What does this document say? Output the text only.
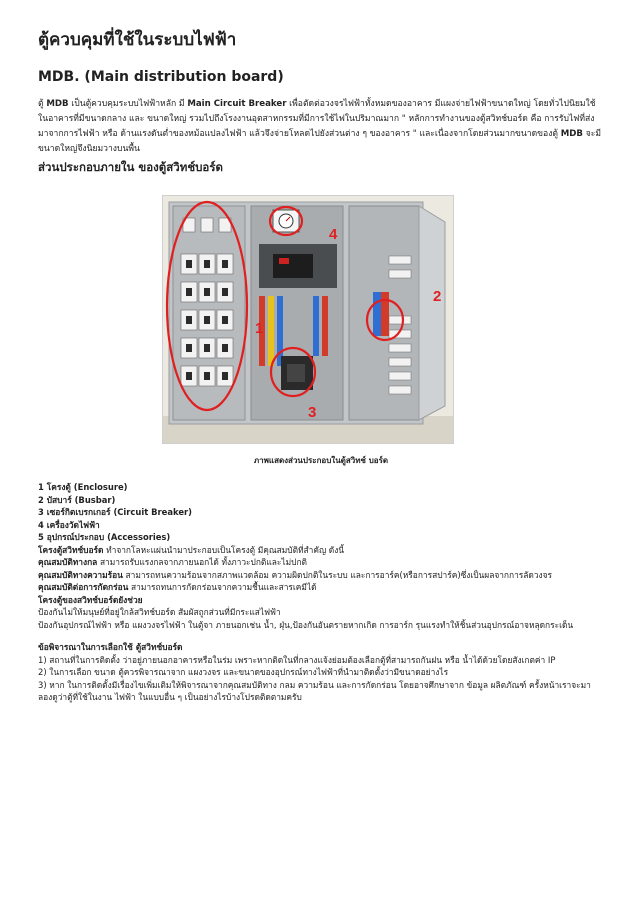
ตู้ควบคุมที่ใช้ในระบบไฟฟ้า
MDB. (Main distribution board)

ตู้ MDB เป็นตู้ควบคุมระบบไฟฟ้าหลัก มี Main Circuit Breaker เพื่อตัดต่อวงจรไฟฟ้าทั้งหมดของอาคาร มีแผงจ่ายไฟฟ้าขนาดใหญ่ โดยทั่วไปนิยมใช้ในอาคารที่มีขนาดกลาง และ ขนาดใหญ่ รวมไปถึงโรงงานอุตสาหกรรมที่มีการใช้ไฟในปริมาณมาก " หลักการทำงานของตู้สวิทช์บอร์ด คือ การรับไฟที่ส่งมาจากการไฟฟ้า หรือ ด้านแรงดันต่ำของหม้อแปลงไฟฟ้า แล้วจึงจ่ายโหลดไปยังส่วนต่าง ๆ ของอาคาร " และเนื่องจากโดยส่วนมากขนาดของตู้ MDB จะมีขนาดใหญ่จึงนิยมวางบนพื้น

ส่วนประกอบภายใน ของตู้สวิทช์บอร์ด
1
2
3
4
ภาพแสดงส่วนประกอบในตู้สวิทช์ บอร์ด

1 โครงตู้ (Enclosure)

2 บัสบาร์ (Busbar)

3 เซอร์กิตเบรกเกอร์ (Circuit Breaker)

4 เครื่องวัดไฟฟ้า

5 อุปกรณ์ประกอบ (Accessories)

โครงตู้สวิทช์บอร์ด ทำจากโลหะแผ่นนำมาประกอบเป็นโครงตู้ มีคุณสมบัติที่สำคัญ ดังนี้

คุณสมบัติทางกล สามารถรับแรงกลจากภายนอกได้ ทั้งภาวะปกติและไม่ปกติ

คุณสมบัติทางความร้อน สามารถทนความร้อนจากสภาพแวดล้อม ความผิดปกติในระบบ และการอาร์ค(หรือการสปาร์ค)ซึ่งเป็นผลจากการลัดวงจร

คุณสมบัติต่อการกัดกร่อน สามารถทนการกัดกร่อนจากความชื้นและสารเคมีได้

โครงตู้ของสวิทช์บอร์ดยังช่วย

ป้องกันไม่ให้มนุษย์ที่อยู่ใกล้สวิทช์บอร์ด สัมผัสถูกส่วนที่มีกระแสไฟฟ้า

ป้องกันอุปกรณ์ไฟฟ้า หรือ แผงวงจรไฟฟ้า ในตู้จา ภายนอกเช่น น้ำ, ฝุ่น,ป้องกันอันตรายหากเกิด การอาร์ก รุนแรงทำให้ชิ้นส่วนอุปกรณ์อาจหลุดกระเด็น

ข้อพิจารณาในการเลือกใช้ ตู้สวิทช์บอร์ด

1) สถานที่ในการติดตั้ง ว่าอยู่ภายนอกอาคารหรือในร่ม เพราะหากติดในที่กลางแจ้งย่อมต้องเลือกตู้ที่สามารถกันฝน หรือ น้ำได้ด้วยโดยสังเกตค่า IP

2) ในการเลือก ขนาด ตู้ควรพิจารณาจาก แผงวงจร และขนาดของอุปกรณ์ทางไฟฟ้าที่นำมาติดตั้งว่ามีขนาดอย่างไร

3) หาก ในการติดตั้งมีเรื่องไขเพิ่มเติมให้พิจารณาจากคุณสมบัติทาง กลม ความร้อน และการกัดกร่อน โดยอาจศึกษาจาก ข้อมูล ผลิตภัณฑ์ ครั้งหน้าเราจะมาลองดูว่าตู้ที่ใช้ในงาน ไฟฟ้า ในแบบอื่น ๆ เป็นอย่างไรบ้างโปรดติดตามครับ
